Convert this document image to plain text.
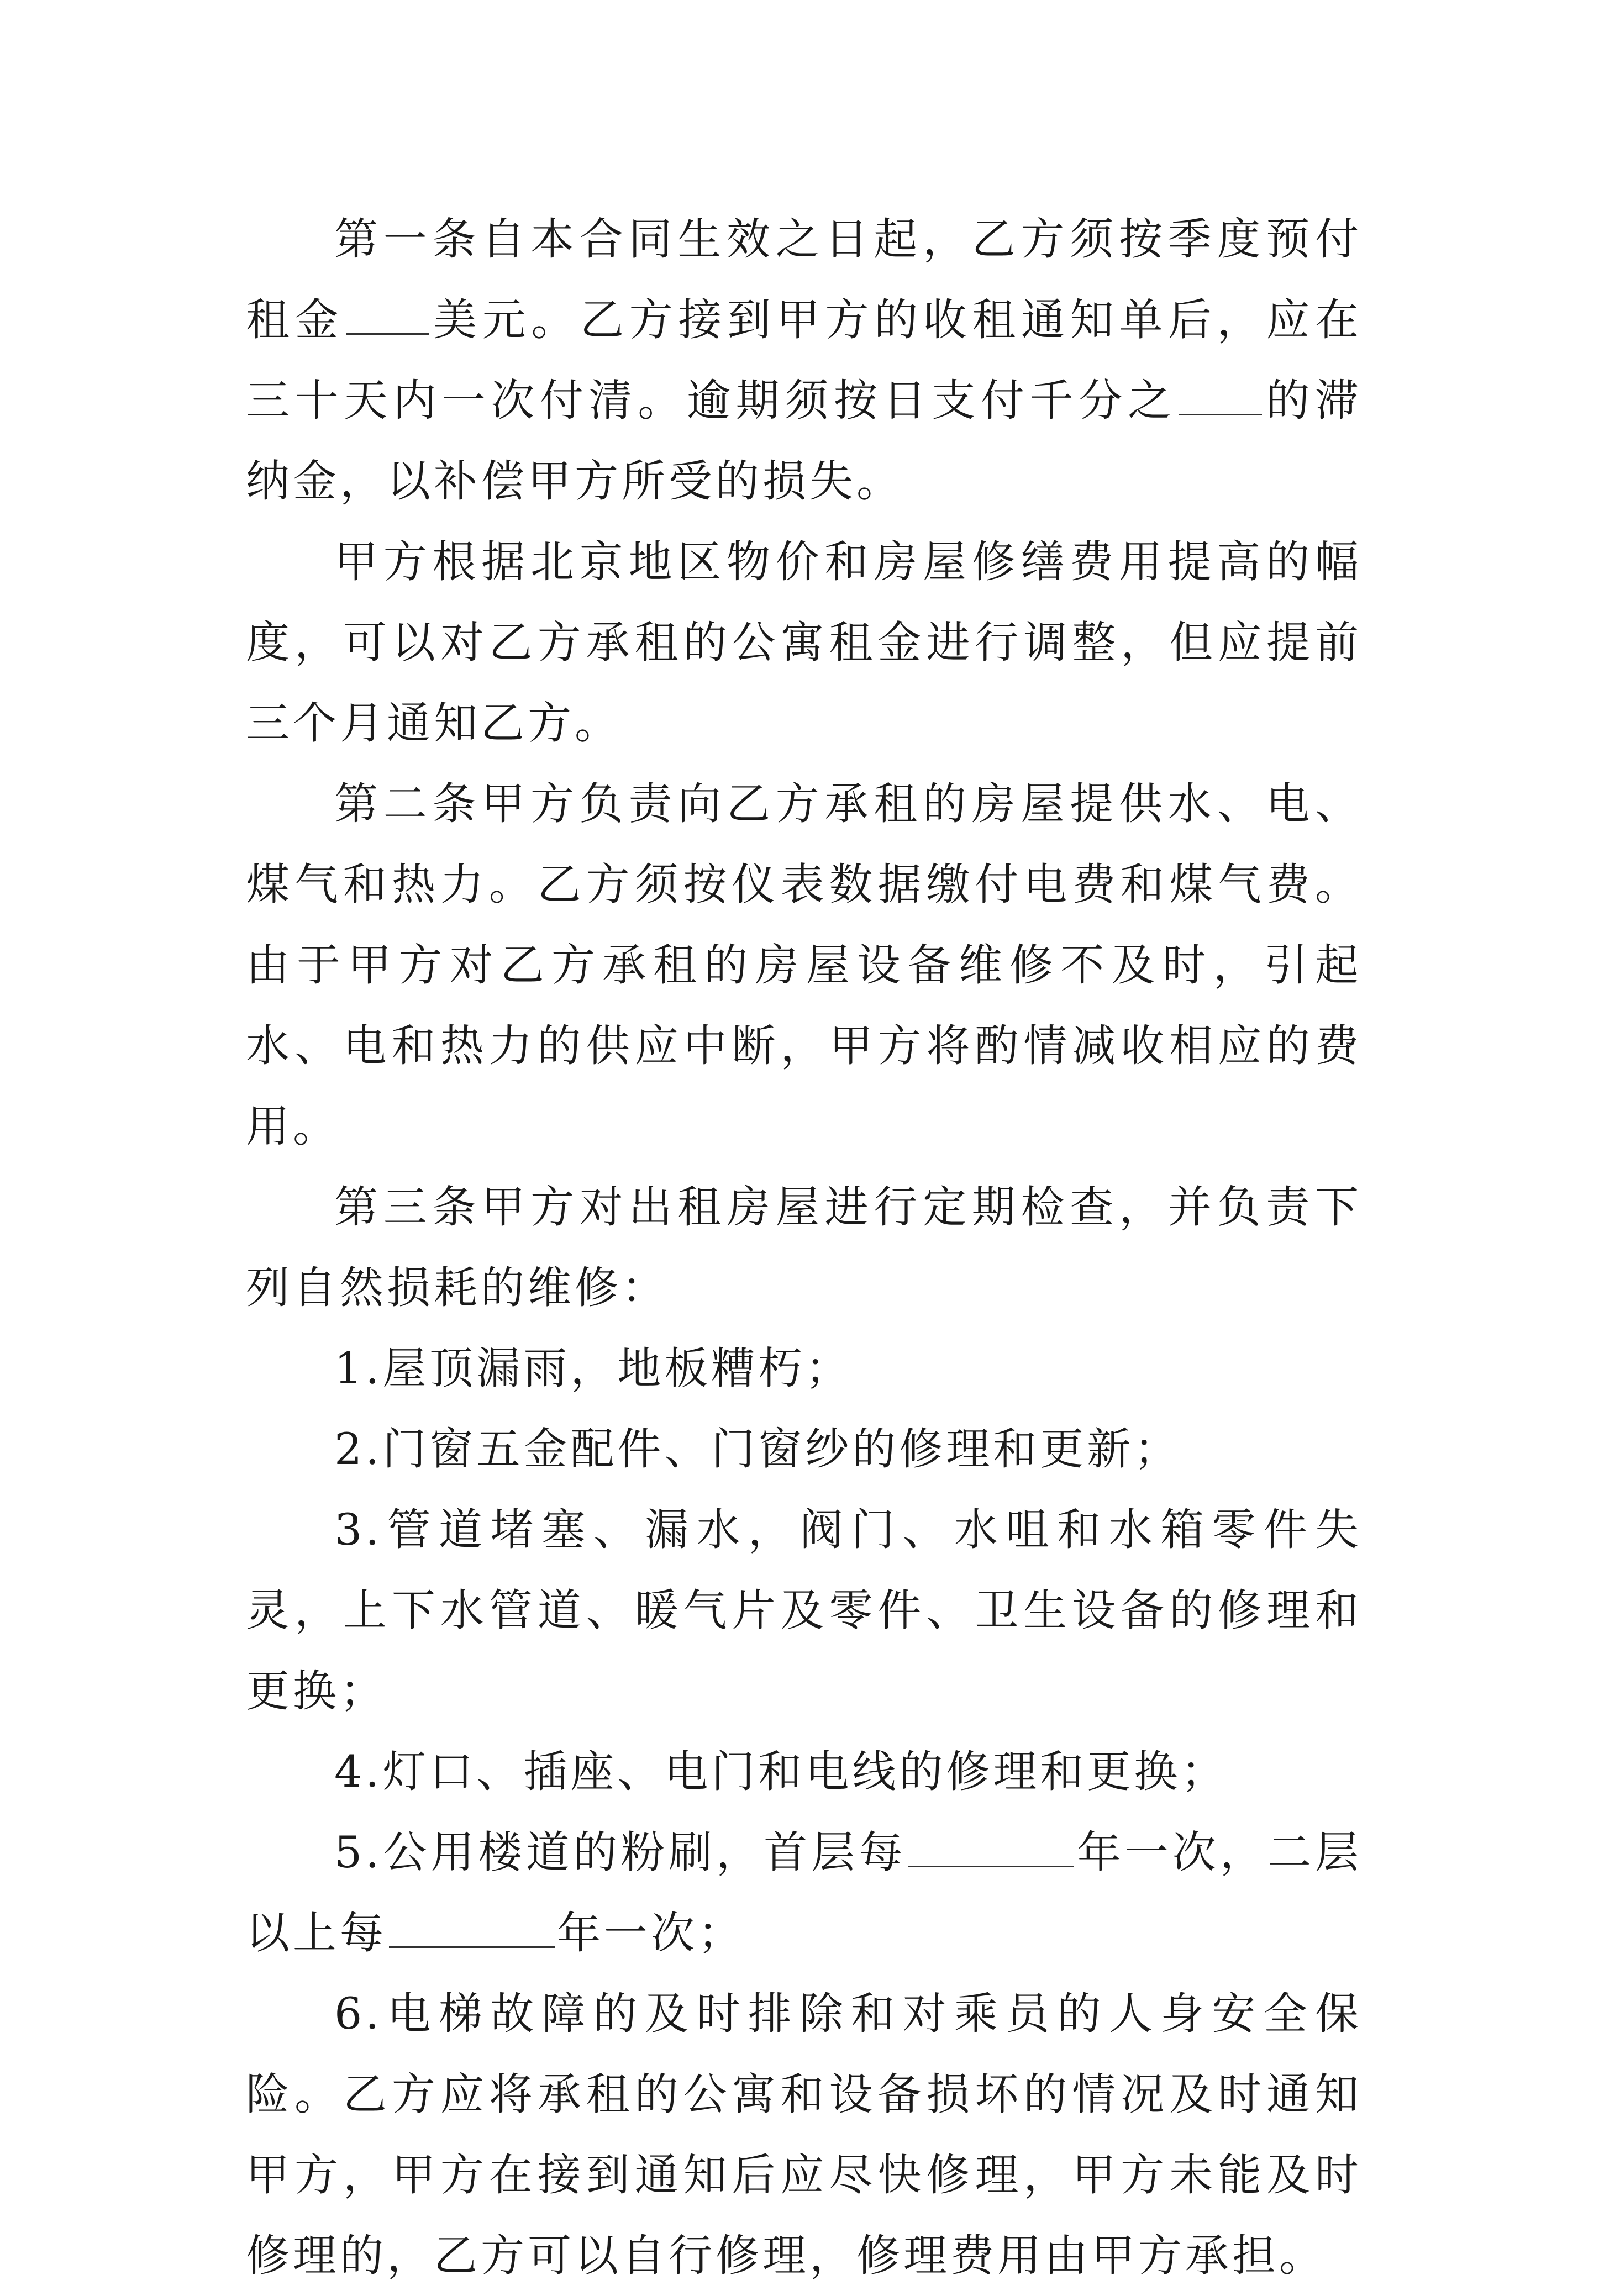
第一条自本合同生效之日起，乙方须按季度预付租金 美元。乙方接到甲方的收租通知单后，应在三十天内一次付清。逾期须按日支付千分之 的滞纳金，以补偿甲方所受的损失。

甲方根据北京地区物价和房屋修缮费用提高的幅度，可以对乙方承租的公寓租金进行调整，但应提前三个月通知乙方。

第二条甲方负责向乙方承租的房屋提供水、电、煤气和热力。乙方须按仪表数据缴付电费和煤气费。由于甲方对乙方承租的房屋设备维修不及时，引起水、电和热力的供应中断，甲方将酌情减收相应的费用。

第三条甲方对出租房屋进行定期检查，并负责下列自然损耗的维修：

1.屋顶漏雨，地板糟朽；

2.门窗五金配件、门窗纱的修理和更新；

3.管道堵塞、漏水，阀门、水咀和水箱零件失灵，上下水管道、暖气片及零件、卫生设备的修理和更换；

4.灯口、插座、电门和电线的修理和更换；

5.公用楼道的粉刷，首层每	年一次，二层以上每	年一次；

6.电梯故障的及时排除和对乘员的人身安全保险。乙方应将承租的公寓和设备损坏的情况及时通知甲方，甲方在接到通知后应尽快修理，甲方未能及时修理的，乙方可以自行修理，修理费用由甲方承担。
